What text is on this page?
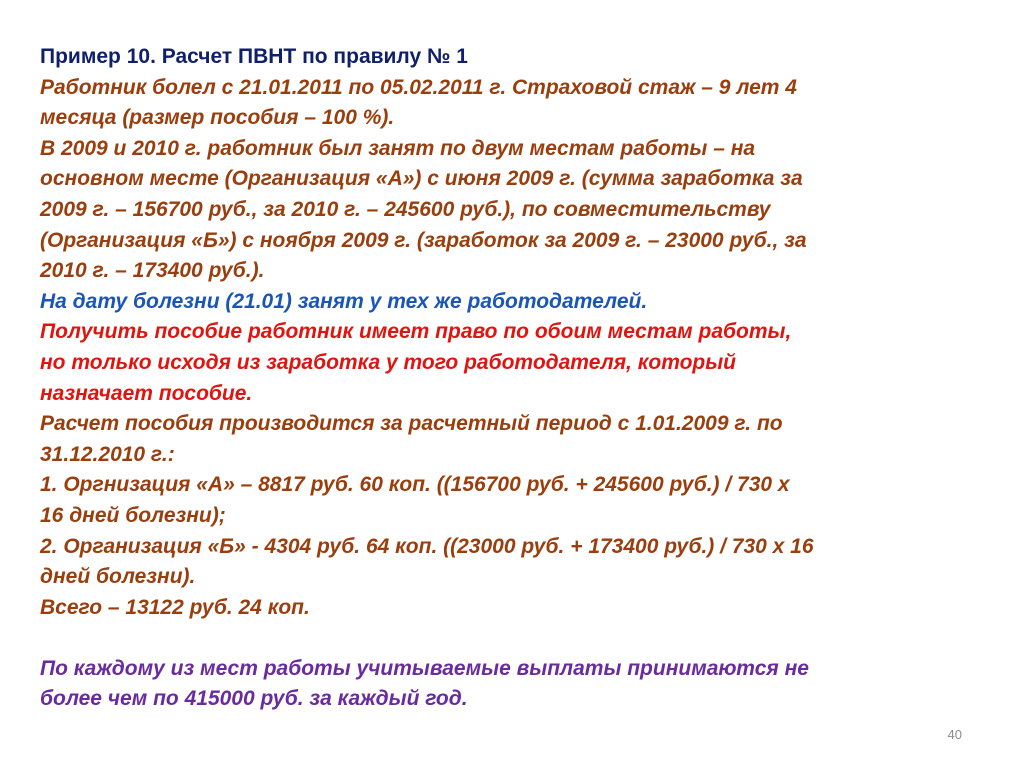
Пример 10. Расчет ПВНТ по правилу № 1
Работник болел с 21.01.2011 по 05.02.2011 г. Страховой стаж – 9 лет 4
месяца (размер пособия – 100 %).
В 2009 и 2010 г. работник был занят по двум местам работы – на
основном месте (Организация «А») с июня 2009 г. (сумма заработка за
2009 г. – 156700 руб., за 2010 г. – 245600 руб.), по совместительству
(Организация «Б») с ноября 2009 г. (заработок за 2009 г. – 23000 руб., за
2010 г. – 173400 руб.).
На дату болезни (21.01) занят у тех же работодателей.
Получить пособие работник имеет право по обоим местам работы,
но только исходя из заработка у того работодателя, который
назначает пособие.
Расчет пособия производится за расчетный период с 1.01.2009 г. по
31.12.2010 г.:
1. Оргнизация «А» – 8817 руб. 60 коп. ((156700 руб. + 245600 руб.) / 730 х
16 дней болезни);
2. Организация «Б» - 4304 руб. 64 коп. ((23000 руб. + 173400 руб.) / 730 х 16
дней болезни).
Всего – 13122 руб. 24 коп.
По каждому из мест работы учитываемые выплаты принимаются не
более чем по 415000 руб. за каждый год.
40
